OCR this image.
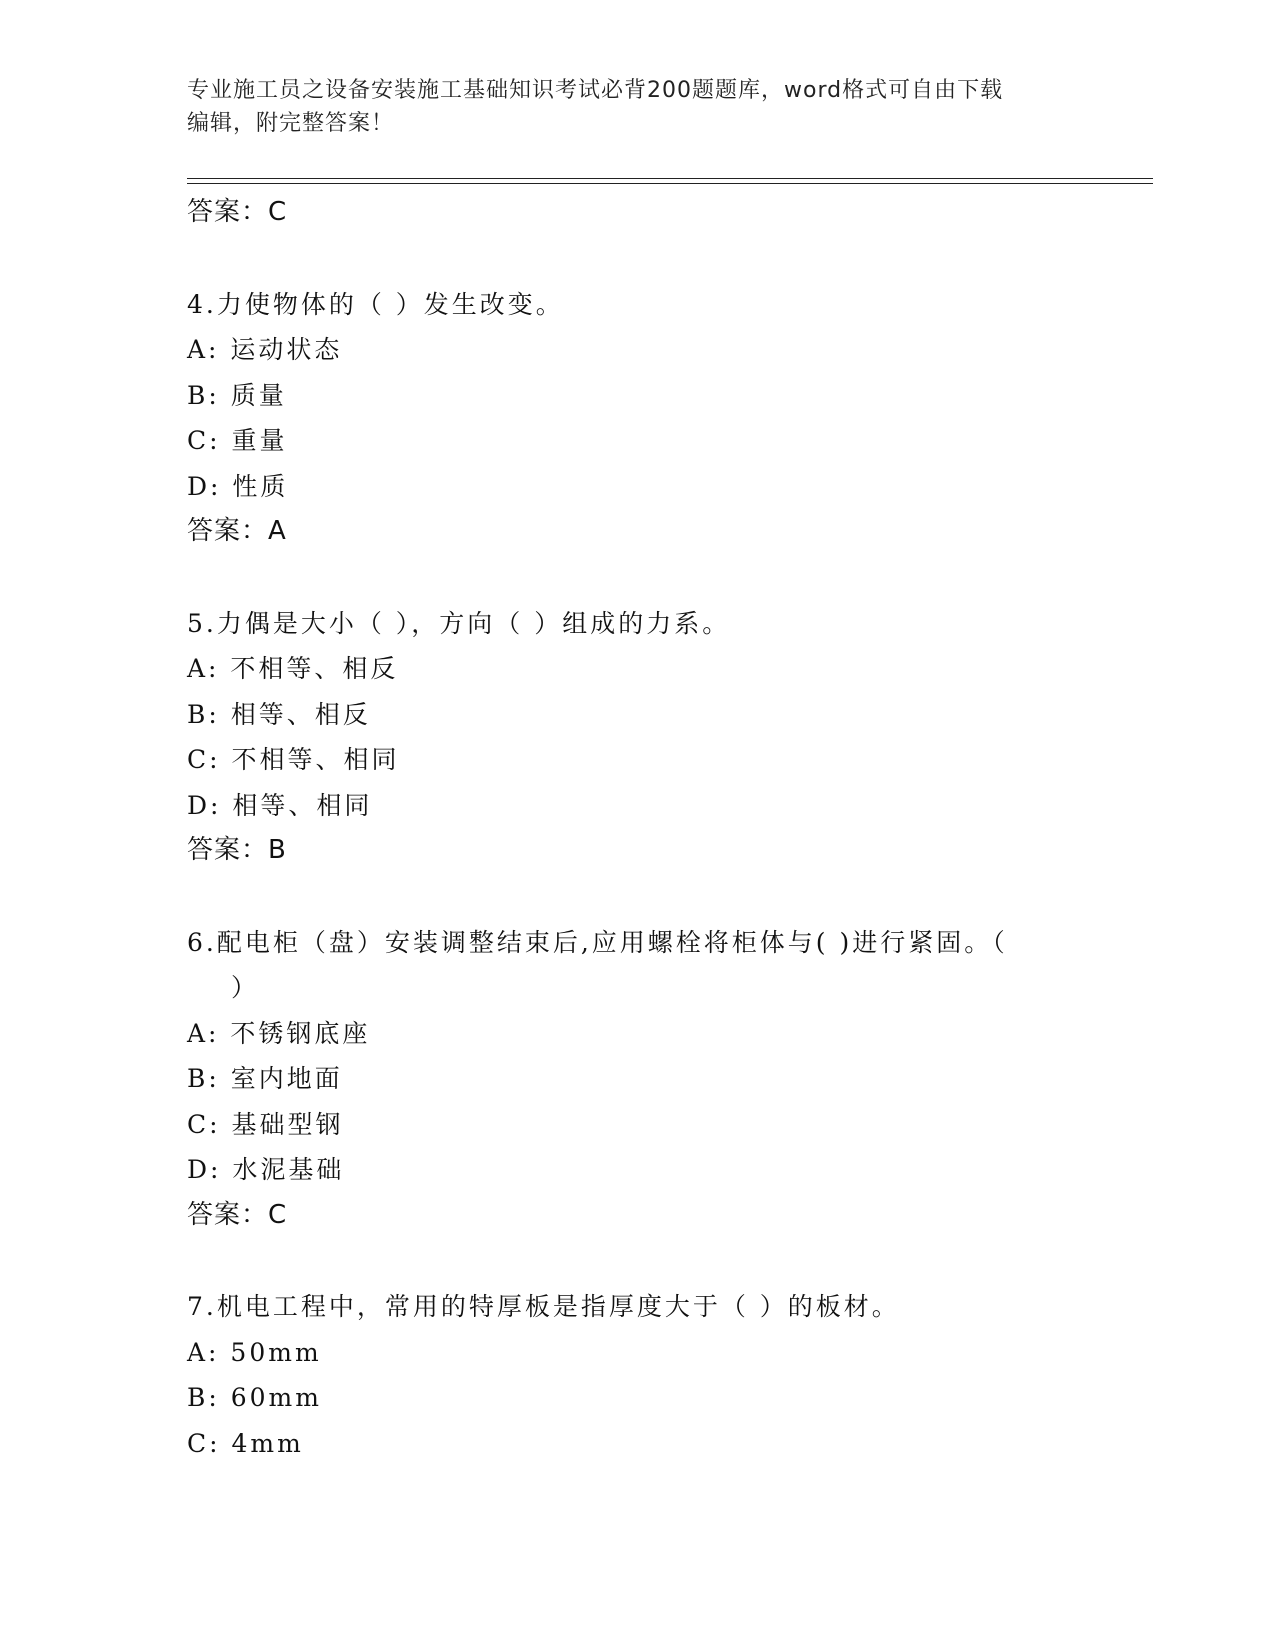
专业施工员之设备安装施工基础知识考试必背200题题库，word格式可自由下载
编辑，附完整答案！
答案：C
4.力使物体的（ ）发生改变。
A: 运动状态
B: 质量
C: 重量
D: 性质
答案：A
5.力偶是大小（ ），方向（ ）组成的力系。
A: 不相等、相反
B: 相等、相反
C: 不相等、相同
D: 相等、相同
答案：B
6.配电柜（盘）安装调整结束后,应用螺栓将柜体与( )进行紧固。（
）
A: 不锈钢底座
B: 室内地面
C: 基础型钢
D: 水泥基础
答案：C
7.机电工程中，常用的特厚板是指厚度大于（ ）的板材。
A: 50mm
B: 60mm
C: 4mm
